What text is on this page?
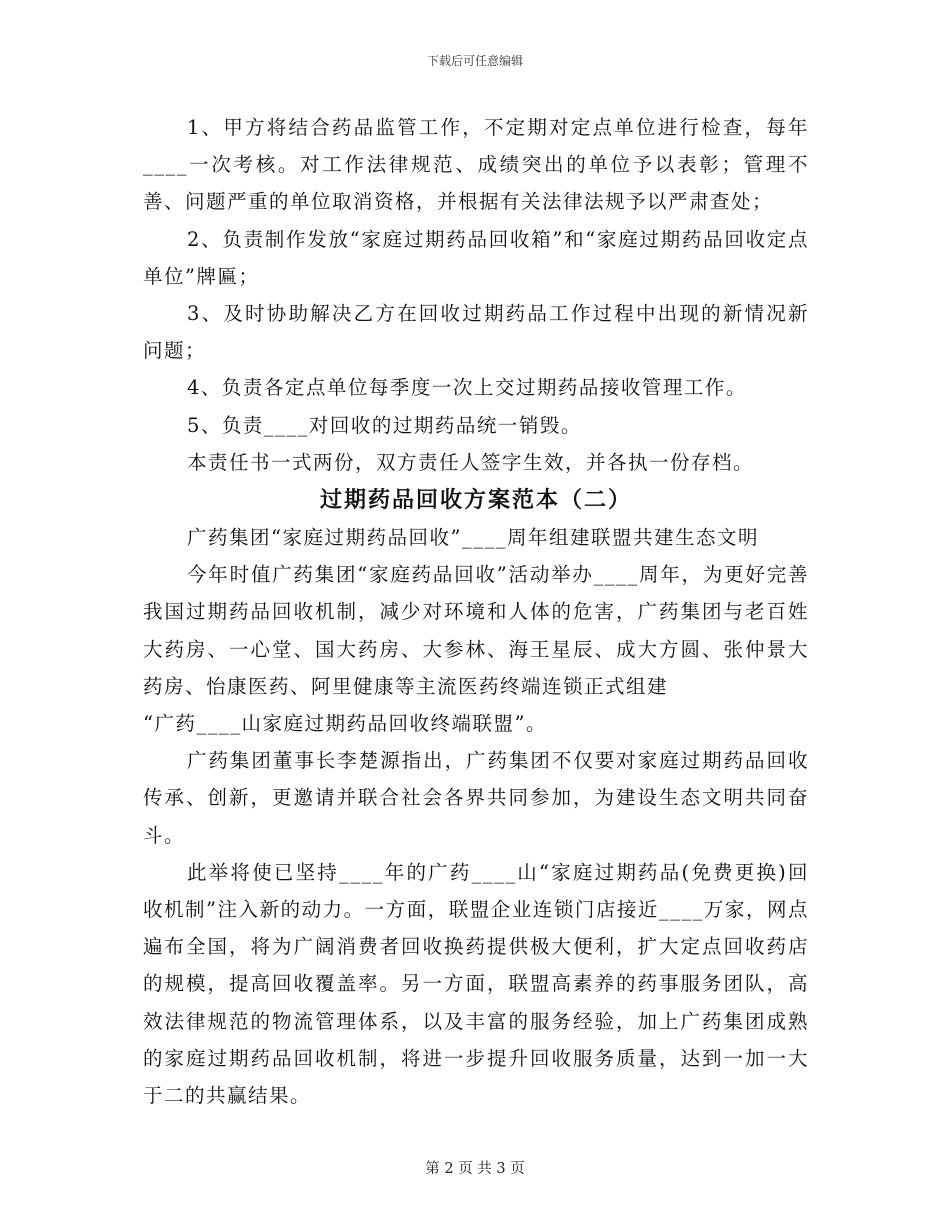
下载后可任意编辑

1、甲方将结合药品监管工作，不定期对定点单位进行检查，每年____一次考核。对工作法律规范、成绩突出的单位予以表彰；管理不善、问题严重的单位取消资格，并根据有关法律法规予以严肃查处；

2、负责制作发放“家庭过期药品回收箱”和“家庭过期药品回收定点单位”牌匾；

3、及时协助解决乙方在回收过期药品工作过程中出现的新情况新问题；

4、负责各定点单位每季度一次上交过期药品接收管理工作。

5、负责____对回收的过期药品统一销毁。

本责任书一式两份，双方责任人签字生效，并各执一份存档。

过期药品回收方案范本（二）

广药集团“家庭过期药品回收”____周年组建联盟共建生态文明

今年时值广药集团“家庭药品回收”活动举办____周年，为更好完善我国过期药品回收机制，减少对环境和人体的危害，广药集团与老百姓大药房、一心堂、国大药房、大参林、海王星辰、成大方圆、张仲景大药房、怡康医药、阿里健康等主流医药终端连锁正式组建
“广药____山家庭过期药品回收终端联盟”。

广药集团董事长李楚源指出，广药集团不仅要对家庭过期药品回收传承、创新，更邀请并联合社会各界共同参加，为建设生态文明共同奋斗。

此举将使已坚持____年的广药____山“家庭过期药品(免费更换)回收机制”注入新的动力。一方面，联盟企业连锁门店接近____万家，网点遍布全国，将为广阔消费者回收换药提供极大便利，扩大定点回收药店的规模，提高回收覆盖率。另一方面，联盟高素养的药事服务团队，高效法律规范的物流管理体系，以及丰富的服务经验，加上广药集团成熟的家庭过期药品回收机制，将进一步提升回收服务质量，达到一加一大于二的共赢结果。

第 2 页 共 3 页
